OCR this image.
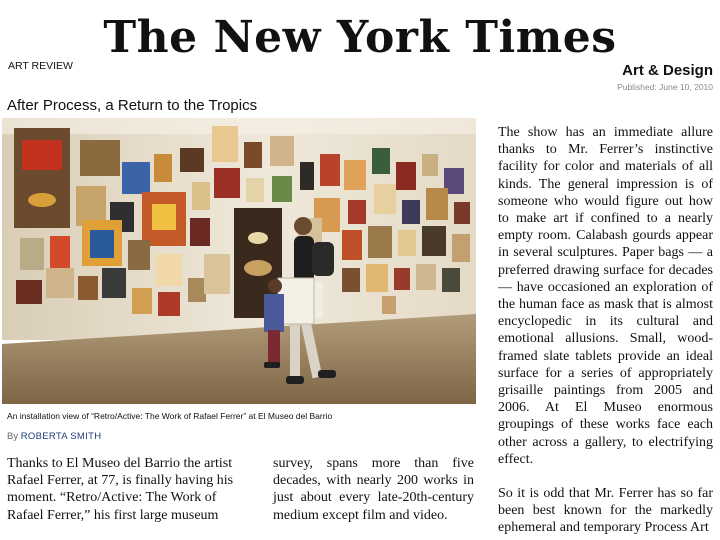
The New York Times
ART REVIEW	Art & Design
Published: June 10, 2010
After Process, a Return to the Tropics
An installation view of “Retro/Active: The Work of Rafael Ferrer” at El Museo del Barrio
By ROBERTA SMITH
Thanks to El Museo del Barrio the artist Rafael Ferrer, at 77, is finally having his moment. “Retro/Active: The Work of Rafael Ferrer,” his first large museum
survey, spans more than five decades, with nearly 200 works in just about every late-20th-century medium except film and video.

The show has an immediate allure thanks to Mr. Ferrer’s instinctive facility for color and materials of all kinds. The general impression is of someone who would figure out how to make art if confined to a nearly empty room. Calabash gourds appear in several sculptures. Paper bags — a preferred drawing surface for decades — have occasioned an exploration of the human face as mask that is almost encyclopedic in its cultural and emotional allusions. Small, wood-framed slate tablets provide an ideal surface for a series of appropriately grisaille paintings from 2005 and 2006. At El Museo enormous groupings of these works face each other across a gallery, to electrifying effect.

So it is odd that Mr. Ferrer has so far been best known for the markedly ephemeral and temporary Process Art
